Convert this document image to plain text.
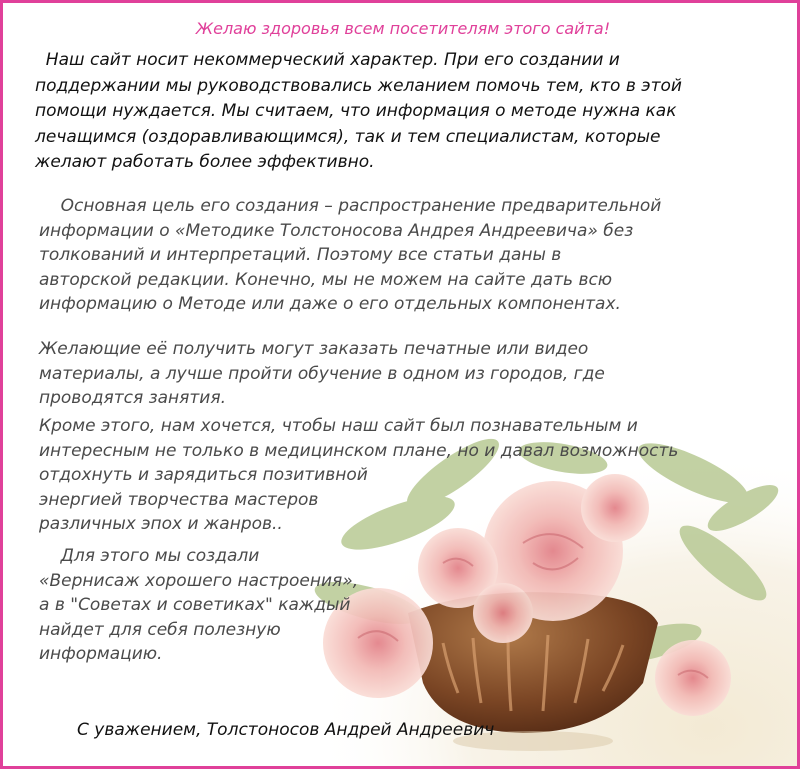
Желаю здоровья всем посетителям этого сайта!
Наш сайт носит некоммерческий характер. При его создании и
поддержании мы руководствовались желанием помочь тем, кто в этой
помощи нуждается. Мы считаем, что информация о методе нужна как
лечащимся (оздоравливающимся), так и тем специалистам, которые
желают работать более эффективно.
Основная цель его создания – распространение предварительной
информации о «Методике Толстоносова Андрея Андреевича» без
толкований и интерпретаций. Поэтому все статьи даны в
авторской редакции. Конечно, мы не можем на сайте дать всю
информацию о Методе или даже о его отдельных компонентах.
Желающие её получить могут заказать печатные или видео
материалы, а лучше пройти обучение в одном из городов, где
проводятся занятия.
Кроме этого, нам хочется, чтобы наш сайт был познавательным и
интересным не только в медицинском плане, но и давал возможность
отдохнуть и зарядиться позитивной
энергией творчества мастеров
различных эпох и жанров..
Для этого мы создали
«Вернисаж хорошего настроения»,
а в "Советах и советиках" каждый
найдет для себя полезную
информацию.
С уважением, Толстоносов Андрей Андреевич
